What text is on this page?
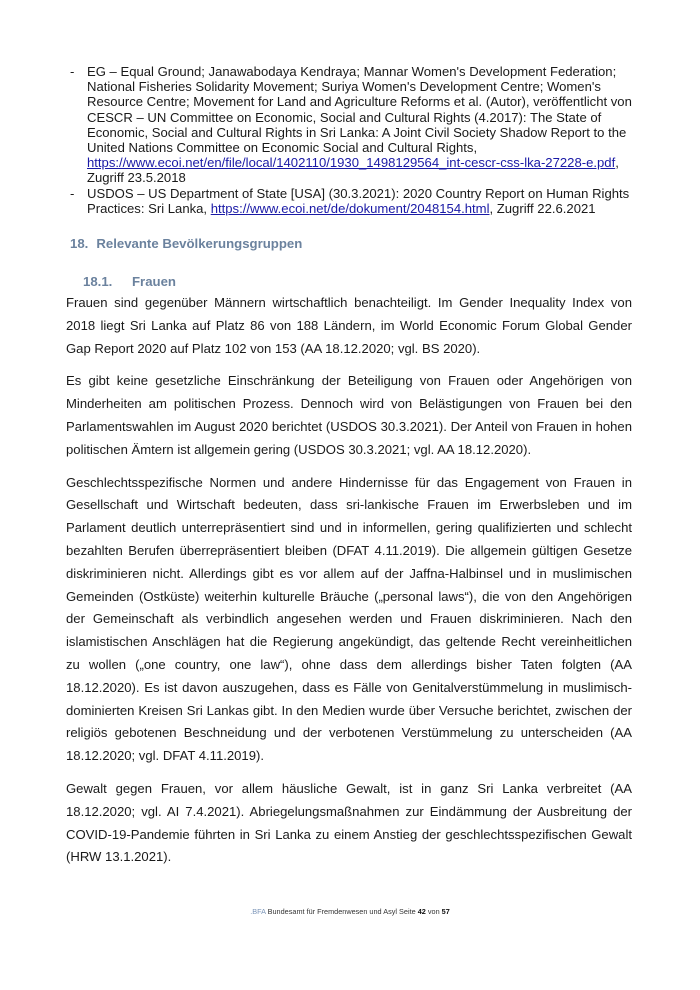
- EG – Equal Ground; Janawabodaya Kendraya; Mannar Women's Development Federation; National Fisheries Solidarity Movement; Suriya Women's Development Centre; Women's Resource Centre; Movement for Land and Agriculture Reforms et al. (Autor), veröffentlicht von CESCR – UN Committee on Economic, Social and Cultural Rights (4.2017): The State of Economic, Social and Cultural Rights in Sri Lanka: A Joint Civil Society Shadow Report to the United Nations Committee on Economic Social and Cultural Rights, https://www.ecoi.net/en/file/local/1402110/1930_1498129564_int-cescr-css-lka-27228-e.pdf, Zugriff 23.5.2018
- USDOS – US Department of State [USA] (30.3.2021): 2020 Country Report on Human Rights Practices: Sri Lanka, https://www.ecoi.net/de/dokument/2048154.html, Zugriff 22.6.2021
18. Relevante Bevölkerungsgruppen
18.1. Frauen

Frauen sind gegenüber Männern wirtschaftlich benachteiligt. Im Gender Inequality Index von 2018 liegt Sri Lanka auf Platz 86 von 188 Ländern, im World Economic Forum Global Gender Gap Report 2020 auf Platz 102 von 153 (AA 18.12.2020; vgl. BS 2020).

Es gibt keine gesetzliche Einschränkung der Beteiligung von Frauen oder Angehörigen von Minderheiten am politischen Prozess. Dennoch wird von Belästigungen von Frauen bei den Parlamentswahlen im August 2020 berichtet (USDOS 30.3.2021). Der Anteil von Frauen in hohen politischen Ämtern ist allgemein gering (USDOS 30.3.2021; vgl. AA 18.12.2020).

Geschlechtsspezifische Normen und andere Hindernisse für das Engagement von Frauen in Gesellschaft und Wirtschaft bedeuten, dass sri-lankische Frauen im Erwerbsleben und im Parlament deutlich unterrepräsentiert sind und in informellen, gering qualifizierten und schlecht bezahlten Berufen überrepräsentiert bleiben (DFAT 4.11.2019). Die allgemein gültigen Gesetze diskriminieren nicht. Allerdings gibt es vor allem auf der Jaffna-Halbinsel und in muslimischen Gemeinden (Ostküste) weiterhin kulturelle Bräuche („personal laws“), die von den Angehörigen der Gemeinschaft als verbindlich angesehen werden und Frauen diskriminieren. Nach den islamistischen Anschlägen hat die Regierung angekündigt, das geltende Recht vereinheitlichen zu wollen („one country, one law“), ohne dass dem allerdings bisher Taten folgten (AA 18.12.2020). Es ist davon auszugehen, dass es Fälle von Genitalverstümmelung in muslimisch-dominierten Kreisen Sri Lankas gibt. In den Medien wurde über Versuche berichtet, zwischen der religiös gebotenen Beschneidung und der verbotenen Verstümmelung zu unterscheiden (AA 18.12.2020; vgl. DFAT 4.11.2019).

Gewalt gegen Frauen, vor allem häusliche Gewalt, ist in ganz Sri Lanka verbreitet (AA 18.12.2020; vgl. AI 7.4.2021). Abriegelungsmaßnahmen zur Eindämmung der Ausbreitung der COVID-19-Pandemie führten in Sri Lanka zu einem Anstieg der geschlechtsspezifischen Gewalt (HRW 13.1.2021).

.BFA Bundesamt für Fremdenwesen und Asyl Seite 42 von 57
